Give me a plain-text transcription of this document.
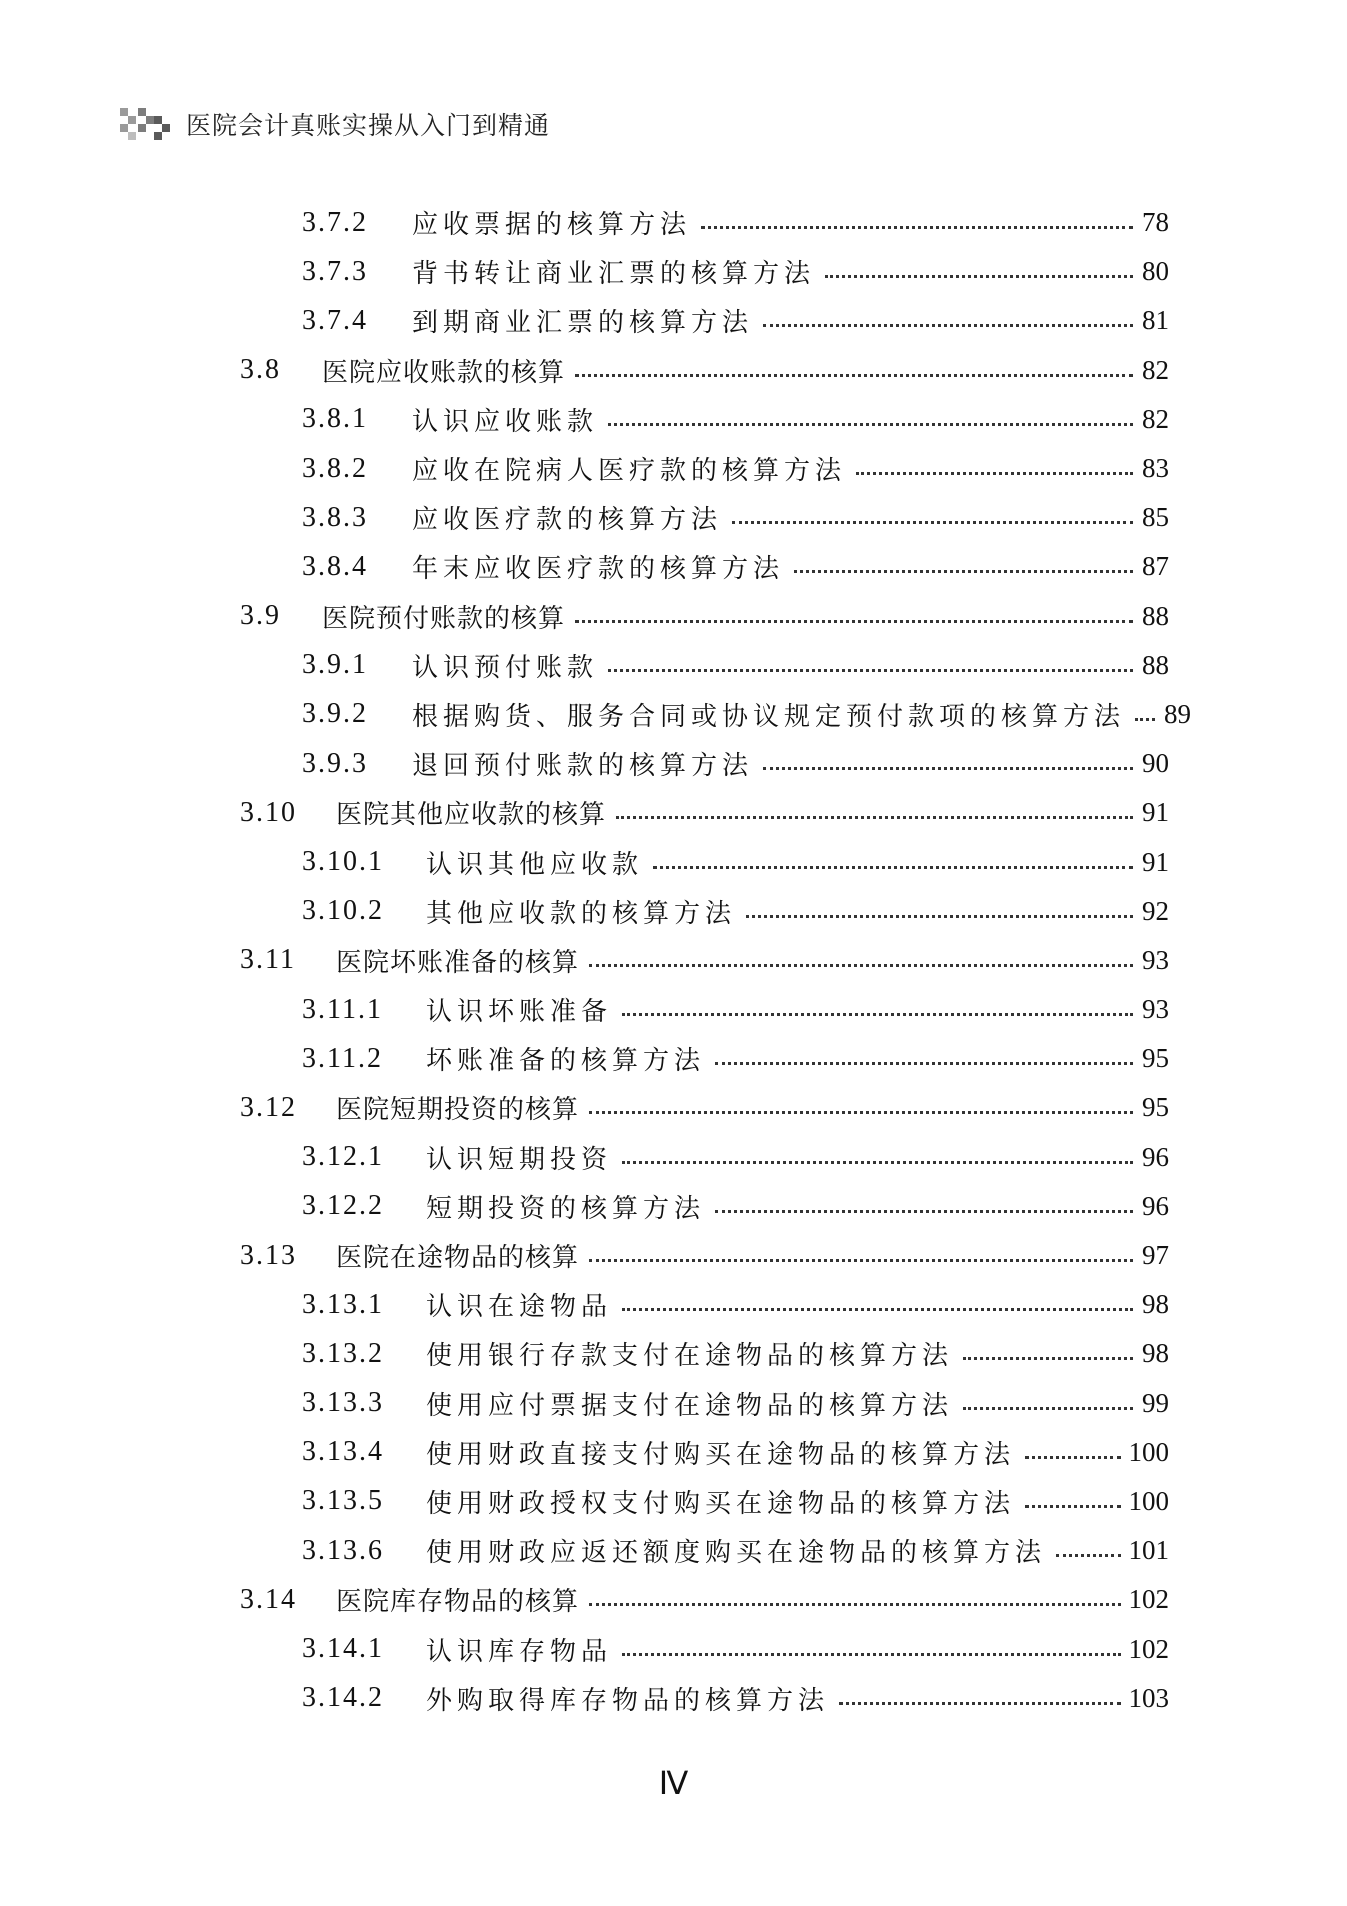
医院会计真账实操从入门到精通
3.7.2	应收票据的核算方法	78
3.7.3	背书转让商业汇票的核算方法	80
3.7.4	到期商业汇票的核算方法	81
3.8	医院应收账款的核算	82
3.8.1	认识应收账款	82
3.8.2	应收在院病人医疗款的核算方法	83
3.8.3	应收医疗款的核算方法	85
3.8.4	年末应收医疗款的核算方法	87
3.9	医院预付账款的核算	88
3.9.1	认识预付账款	88
3.9.2	根据购货、服务合同或协议规定预付款项的核算方法 89
3.9.3	退回预付账款的核算方法	90
3.10	医院其他应收款的核算	91
3.10.1	认识其他应收款	91
3.10.2	其他应收款的核算方法	92
3.11	医院坏账准备的核算	93
3.11.1	认识坏账准备	93
3.11.2	坏账准备的核算方法	95
3.12	医院短期投资的核算	95
3.12.1	认识短期投资	96
3.12.2	短期投资的核算方法	96
3.13	医院在途物品的核算	97
3.13.1	认识在途物品	98
3.13.2	使用银行存款支付在途物品的核算方法	98
3.13.3	使用应付票据支付在途物品的核算方法	99
3.13.4	使用财政直接支付购买在途物品的核算方法	100
3.13.5	使用财政授权支付购买在途物品的核算方法	100
3.13.6	使用财政应返还额度购买在途物品的核算方法	101
3.14	医院库存物品的核算	102
3.14.1	认识库存物品	102
3.14.2	外购取得库存物品的核算方法	103
Ⅳ
